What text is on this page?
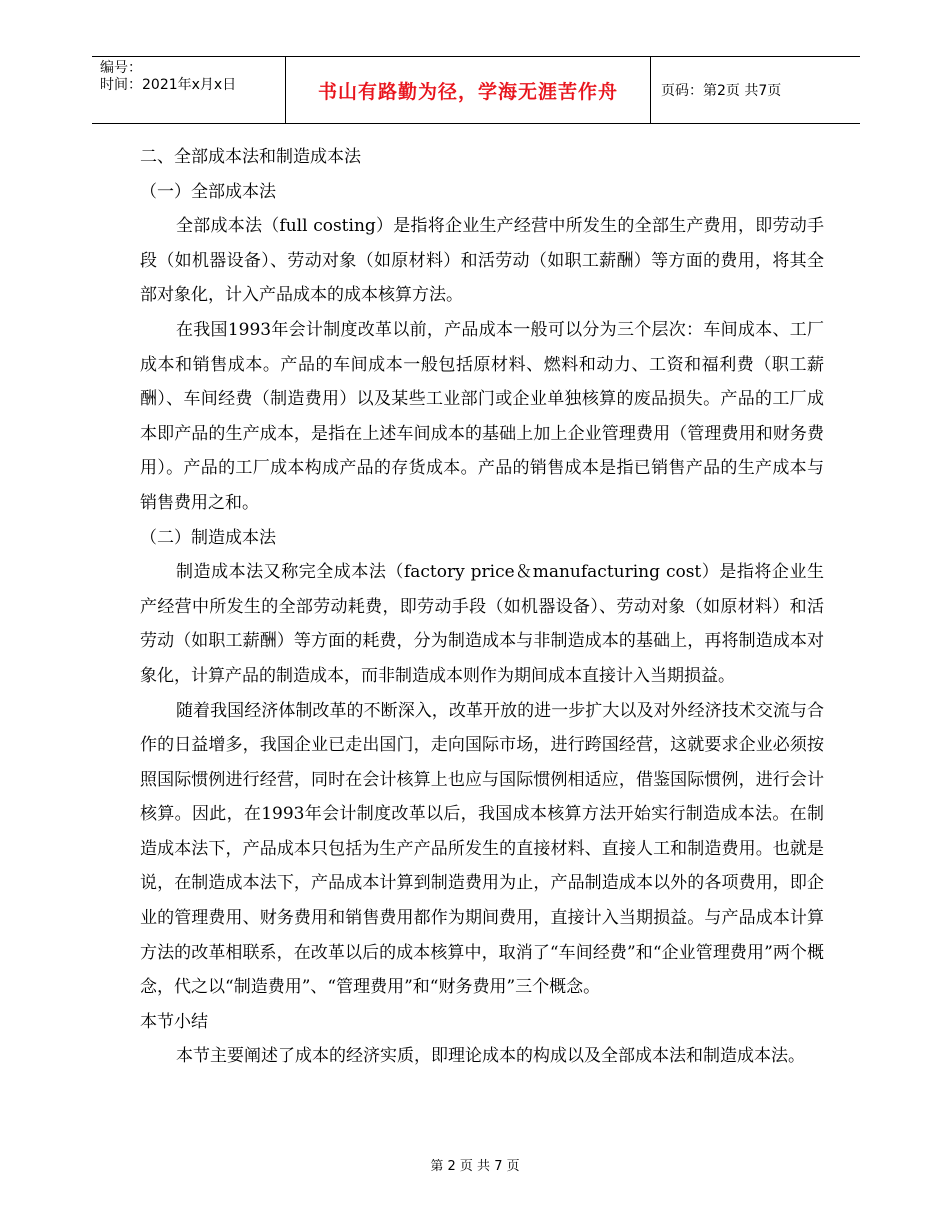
编号：
时间：2021年x月x日	书山有路勤为径，学海无涯苦作舟	页码：第2页 共7页

二、全部成本法和制造成本法

（一）全部成本法

全部成本法（full costing）是指将企业生产经营中所发生的全部生产费用，即劳动手段（如机器设备）、劳动对象（如原材料）和活劳动（如职工薪酬）等方面的费用，将其全部对象化，计入产品成本的成本核算方法。

在我国1993年会计制度改革以前，产品成本一般可以分为三个层次：车间成本、工厂成本和销售成本。产品的车间成本一般包括原材料、燃料和动力、工资和福利费（职工薪酬）、车间经费（制造费用）以及某些工业部门或企业单独核算的废品损失。产品的工厂成本即产品的生产成本，是指在上述车间成本的基础上加上企业管理费用（管理费用和财务费用）。产品的工厂成本构成产品的存货成本。产品的销售成本是指已销售产品的生产成本与销售费用之和。

（二）制造成本法

制造成本法又称完全成本法（factory price＆manufacturing cost）是指将企业生产经营中所发生的全部劳动耗费，即劳动手段（如机器设备）、劳动对象（如原材料）和活劳动（如职工薪酬）等方面的耗费，分为制造成本与非制造成本的基础上，再将制造成本对象化，计算产品的制造成本，而非制造成本则作为期间成本直接计入当期损益。

随着我国经济体制改革的不断深入，改革开放的进一步扩大以及对外经济技术交流与合作的日益增多，我国企业已走出国门，走向国际市场，进行跨国经营，这就要求企业必须按照国际惯例进行经营，同时在会计核算上也应与国际惯例相适应，借鉴国际惯例，进行会计核算。因此，在1993年会计制度改革以后，我国成本核算方法开始实行制造成本法。在制造成本法下，产品成本只包括为生产产品所发生的直接材料、直接人工和制造费用。也就是说，在制造成本法下，产品成本计算到制造费用为止，产品制造成本以外的各项费用，即企业的管理费用、财务费用和销售费用都作为期间费用，直接计入当期损益。与产品成本计算方法的改革相联系，在改革以后的成本核算中，取消了“车间经费”和“企业管理费用”两个概念，代之以“制造费用”、“管理费用”和“财务费用”三个概念。

本节小结

本节主要阐述了成本的经济实质，即理论成本的构成以及全部成本法和制造成本法。

第 2 页 共 7 页
